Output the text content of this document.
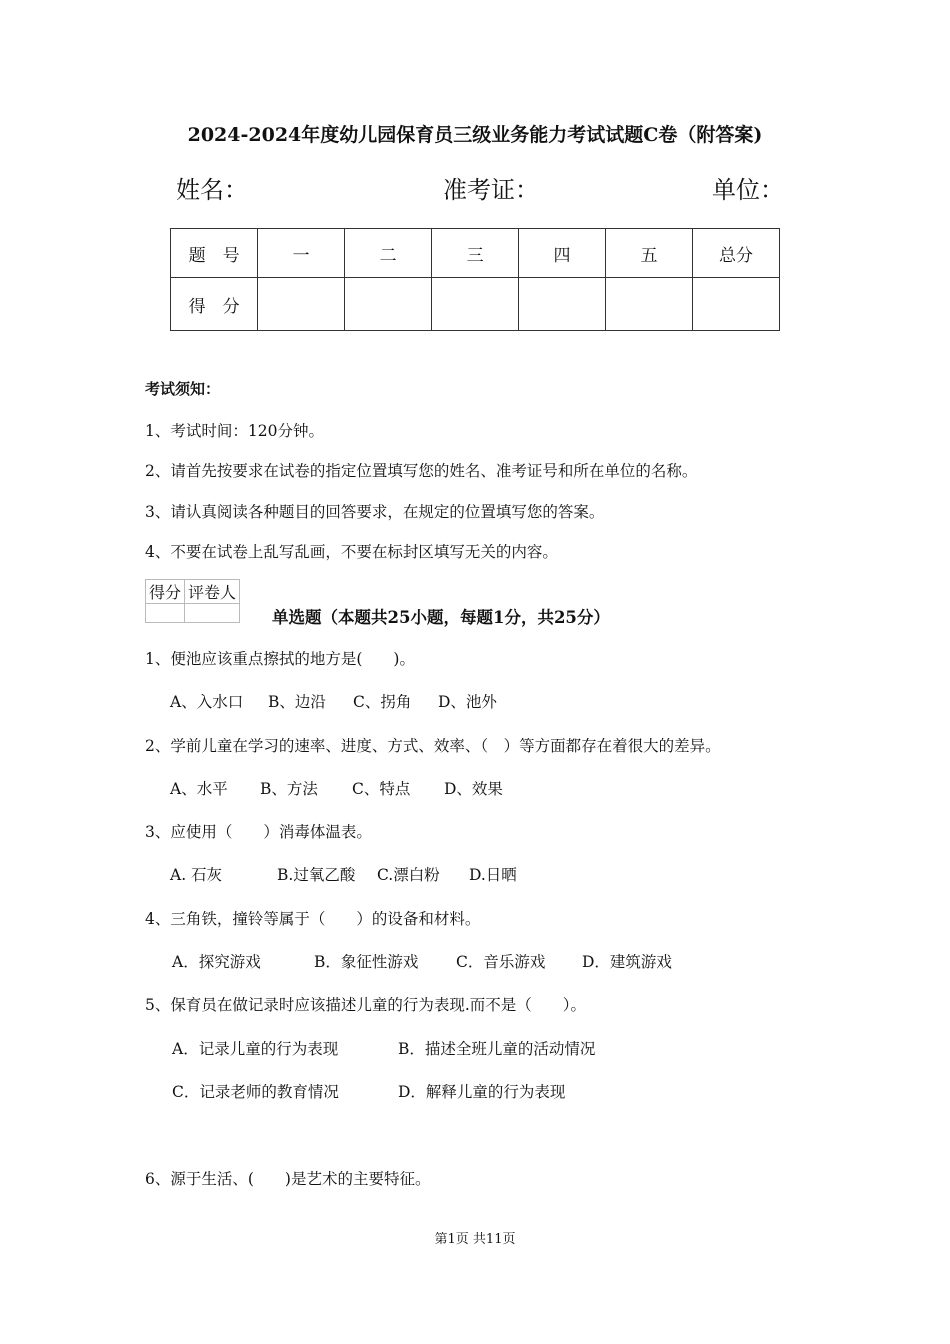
2024-2024年度幼儿园保育员三级业务能力考试试题C卷（附答案)
姓名：	准考证：	单位：
题　号	一	二	三	四	五	总分
得　分						
考试须知：
1、考试时间：120分钟。
2、请首先按要求在试卷的指定位置填写您的姓名、准考证号和所在单位的名称。
3、请认真阅读各种题目的回答要求，在规定的位置填写您的答案。
4、不要在试卷上乱写乱画，不要在标封区填写无关的内容。
得分	评卷人

单选题（本题共25小题，每题1分，共25分）
1、便池应该重点擦拭的地方是(　　)。
A、入水口 B、边沿 C、拐角 D、池外
2、学前儿童在学习的速率、进度、方式、效率、（　）等方面都存在着很大的差异。
A、水平 B、方法 C、特点 D、效果
3、应使用（　　）消毒体温表。
A. 石灰	B.过氧乙酸 C.漂白粉 D.日晒
4、三角铁，撞铃等属于（　　）的设备和材料。
A．探究游戏	B．象征性游戏 C．音乐游戏 D．建筑游戏
5、保育员在做记录时应该描述儿童的行为表现.而不是（　　）。
A．记录儿童的行为表现	B．描述全班儿童的活动情况
C．记录老师的教育情况	D．解释儿童的行为表现
6、源于生活、(　　)是艺术的主要特征。
第1页 共11页
